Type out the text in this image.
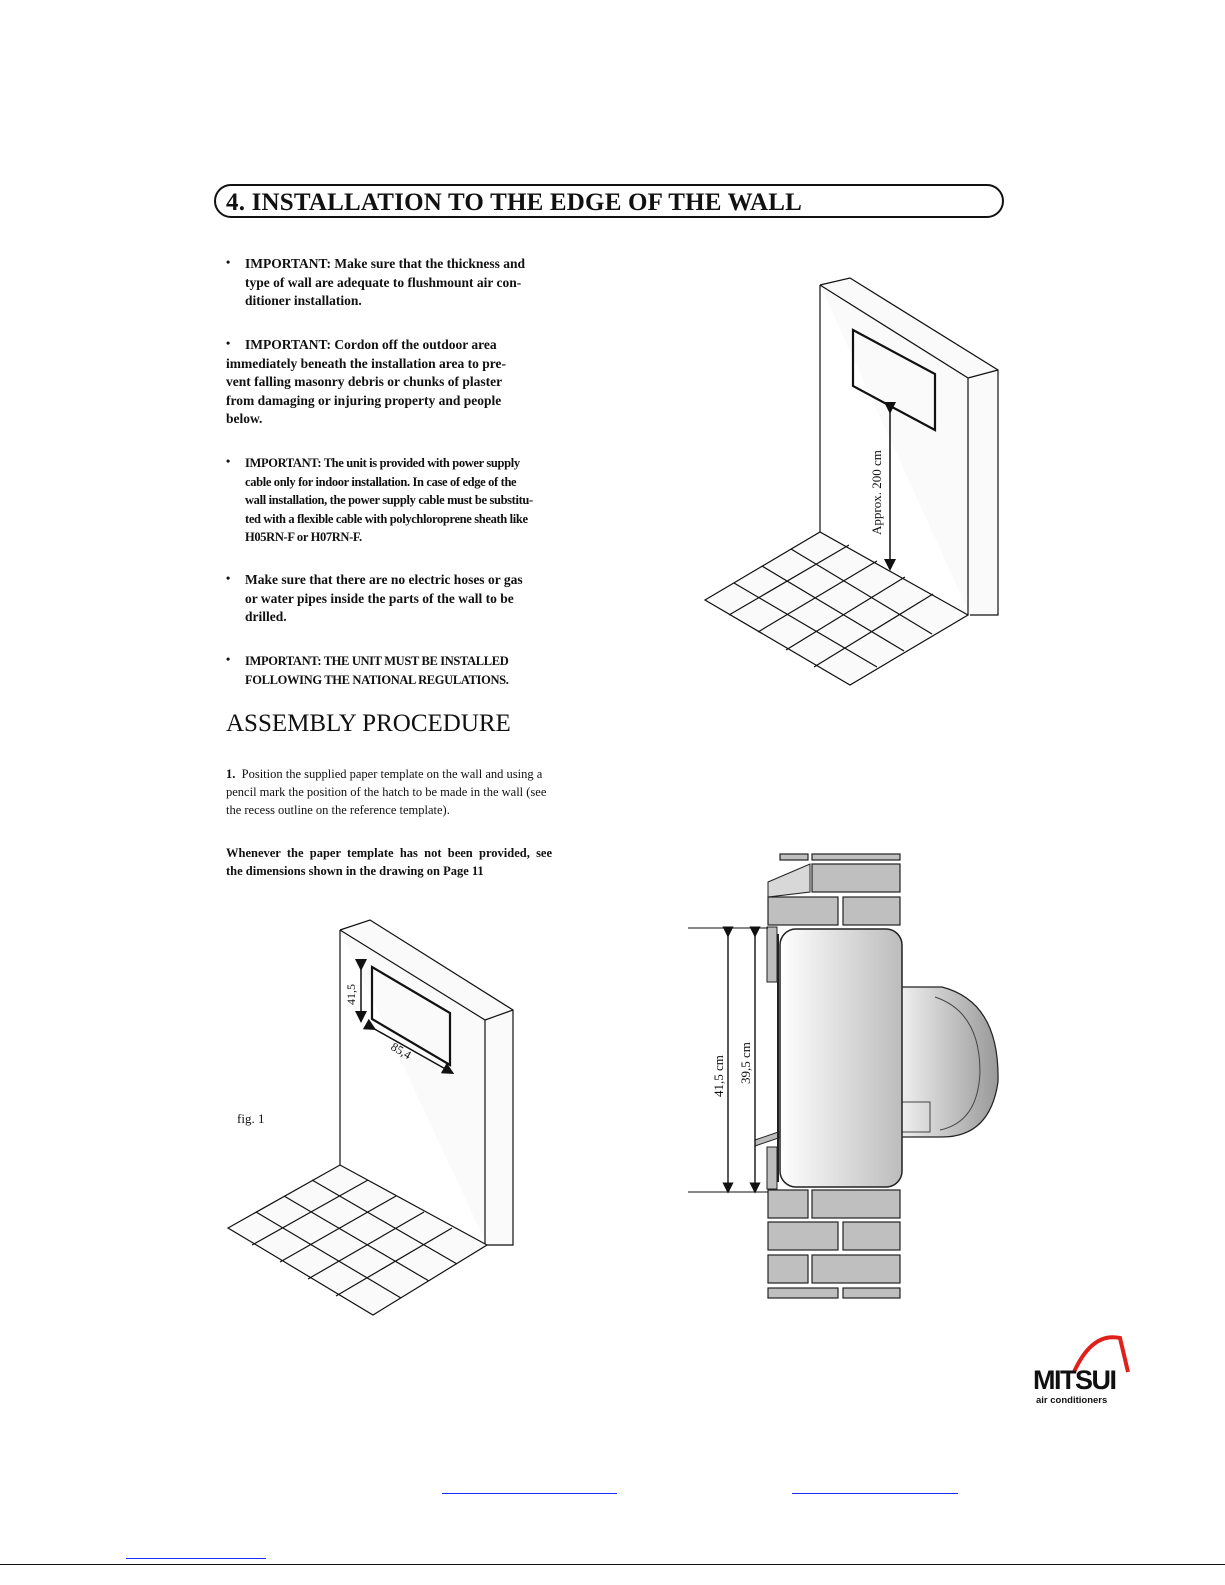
4. INSTALLATION TO THE EDGE OF THE WALL
•	IMPORTANT: Make sure that the thickness and
type of wall are adequate to flushmount air con-
ditioner installation.
•	IMPORTANT: Cordon off the outdoor area
immediately beneath the installation area to pre-
vent falling masonry debris or chunks of plaster
from damaging or injuring property and people
below.
•	IMPORTANT: The unit is provided with power supply
cable only for indoor installation. In case of edge of the
wall installation, the power supply cable must be substitu-
ted with a flexible cable with polychloroprene sheath like
H05RN-F or H07RN-F.
•	Make sure that there are no electric hoses or gas
or water pipes inside the parts of the wall to be
drilled.
•	IMPORTANT: THE UNIT MUST BE INSTALLED
FOLLOWING THE NATIONAL REGULATIONS.
ASSEMBLY PROCEDURE
1. Position the supplied paper template on the wall and using a
pencil mark the position of the hatch to be made in the wall (see
the recess outline on the reference template).
Whenever  the  paper  template  has  not  been  provided,  see
the dimensions shown in the drawing on Page 11
Approx. 200 cm
41,5
85,4
fig. 1
41,5 cm 39,5 cm
MITSUI
air conditioners
